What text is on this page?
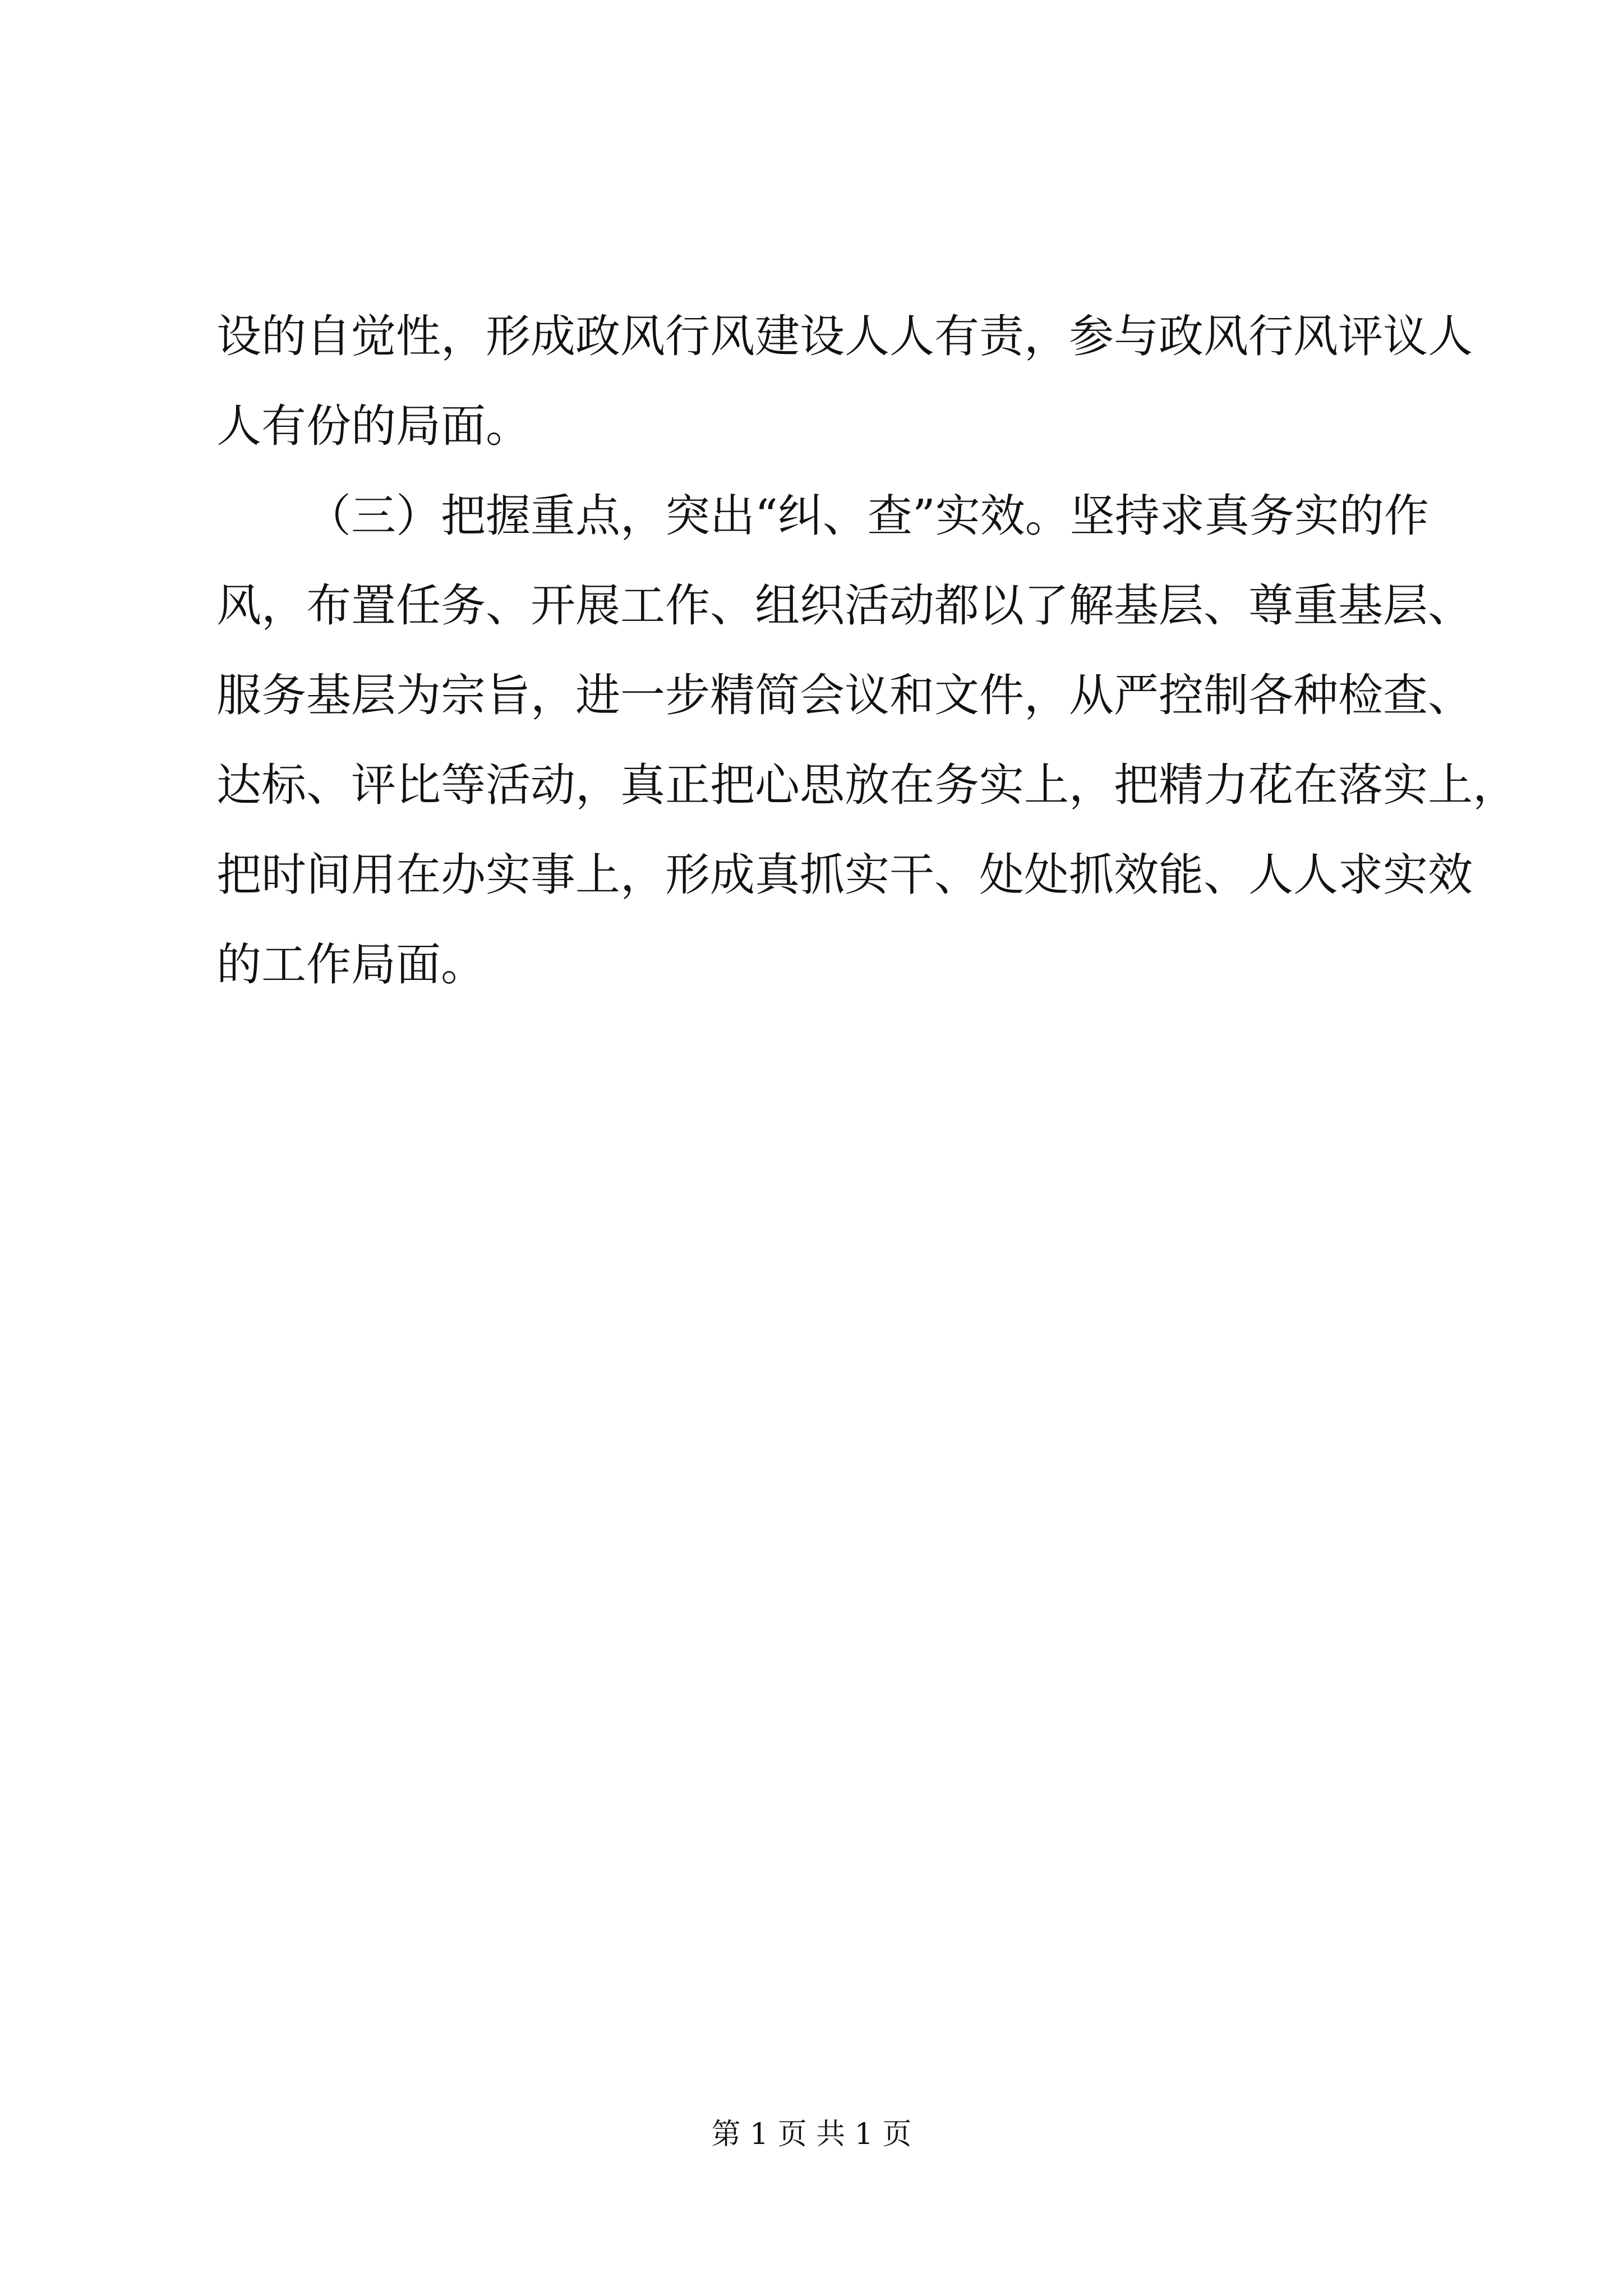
设的自觉性，形成政风行风建设人人有责，参与政风行风评议人
人有份的局面。
（三）把握重点，突出“纠、查”实效。坚持求真务实的作
风，布置任务、开展工作、组织活动都以了解基层、尊重基层、
服务基层为宗旨，进一步精简会议和文件，从严控制各种检查、
达标、评比等活动，真正把心思放在务实上，把精力花在落实上，
把时间用在办实事上，形成真抓实干、处处抓效能、人人求实效
的工作局面。
第 1 页 共 1 页
